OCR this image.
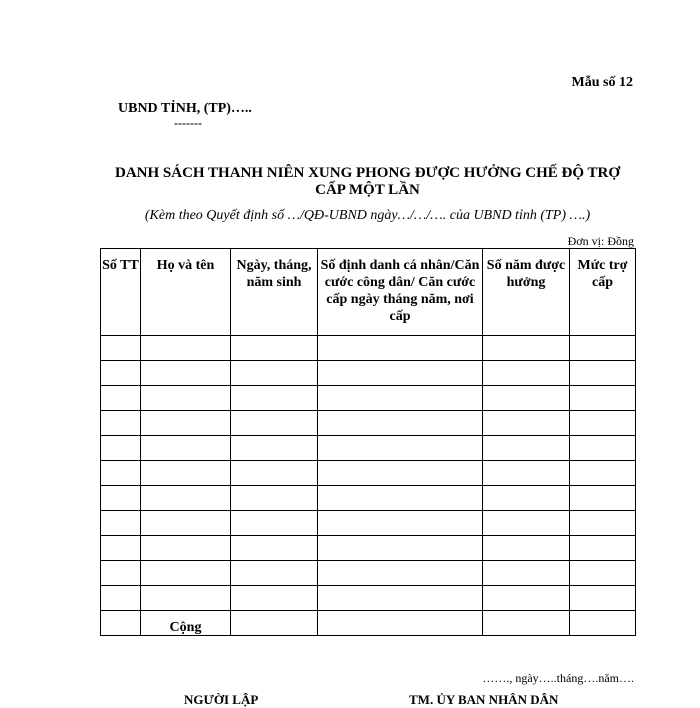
Mẫu số 12
UBND TỈNH, (TP)…..
-------
DANH SÁCH THANH NIÊN XUNG PHONG ĐƯỢC HƯỞNG CHẾ ĐỘ TRỢ
CẤP MỘT LẦN
(Kèm theo Quyết định số …/QĐ-UBND ngày…/…/…. của UBND tỉnh (TP) ….)
Đơn vị: Đồng
Số TT	Họ và tên	Ngày, tháng, năm sinh	Số định danh cá nhân/Căn cước công dân/ Căn cước cấp ngày tháng năm, nơi cấp	Số năm được hưởng	Mức trợ cấp

	Cộng				
……., ngày…..tháng….năm….
NGƯỜI LẬP	TM. ỦY BAN NHÂN DÂN
